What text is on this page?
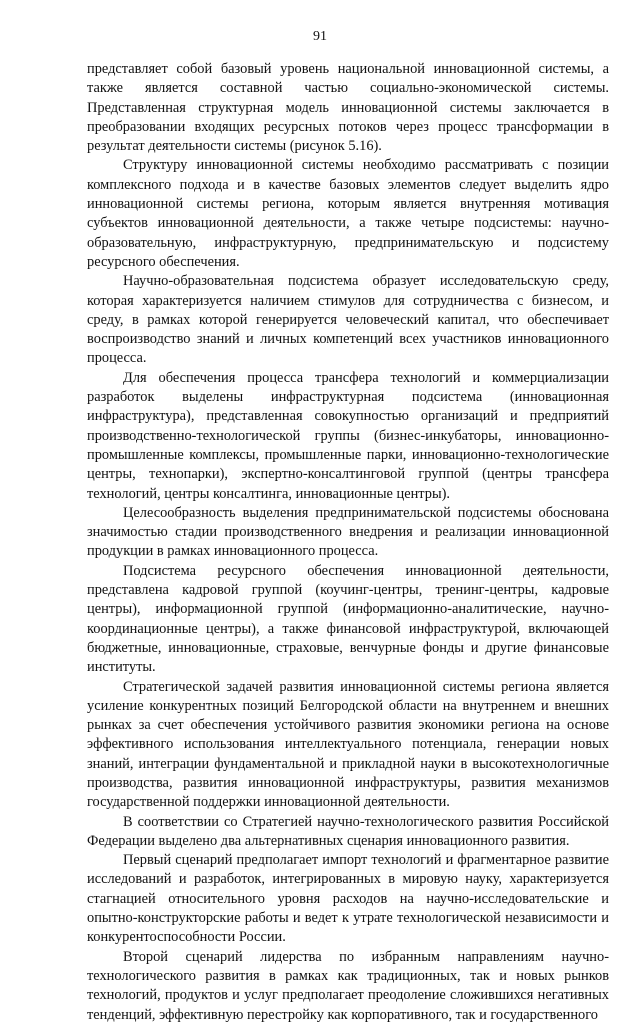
91

представляет собой базовый уровень национальной инновационной системы, а также является составной частью социально-экономической системы. Представленная структурная модель инновационной системы заключается в преобразовании входящих ресурсных потоков через процесс трансформации в результат деятельности системы (рисунок 5.16).

Структуру инновационной системы необходимо рассматривать с позиции комплексного подхода и в качестве базовых элементов следует выделить ядро инновационной системы региона, которым является внутренняя мотивация субъектов инновационной деятельности, а также четыре подсистемы: научно-образовательную, инфраструктурную, предпринимательскую и подсистему ресурсного обеспечения.

Научно-образовательная подсистема образует исследовательскую среду, которая характеризуется наличием стимулов для сотрудничества с бизнесом, и среду, в рамках которой генерируется человеческий капитал, что обеспечивает воспроизводство знаний и личных компетенций всех участников инновационного процесса.

Для обеспечения процесса трансфера технологий и коммерциализации разработок выделены инфраструктурная подсистема (инновационная инфраструктура), представленная совокупностью организаций и предприятий производственно-технологической группы (бизнес-инкубаторы, инновационно-промышленные комплексы, промышленные парки, инновационно-технологические центры, технопарки), экспертно-консалтинговой группой (центры трансфера технологий, центры консалтинга, инновационные центры).

Целесообразность выделения предпринимательской подсистемы обоснована значимостью стадии производственного внедрения и реализации инновационной продукции в рамках инновационного процесса.

Подсистема ресурсного обеспечения инновационной деятельности, представлена кадровой группой (коучинг-центры, тренинг-центры, кадровые центры), информационной группой (информационно-аналитические, научно-координационные центры), а также финансовой инфраструктурой, включающей бюджетные, инновационные, страховые, венчурные фонды и другие финансовые институты.

Стратегической задачей развития инновационной системы региона является усиление конкурентных позиций Белгородской области на внутреннем и внешних рынках за счет обеспечения устойчивого развития экономики региона на основе эффективного использования интеллектуального потенциала, генерации новых знаний, интеграции фундаментальной и прикладной науки в высокотехнологичные производства, развития инновационной инфраструктуры, развития механизмов государственной поддержки инновационной деятельности.

В соответствии со Стратегией научно-технологического развития Российской Федерации выделено два альтернативных сценария инновационного развития.

Первый сценарий предполагает импорт технологий и фрагментарное развитие исследований и разработок, интегрированных в мировую науку, характеризуется стагнацией относительного уровня расходов на научно-исследовательские и опытно-конструкторские работы и ведет к утрате технологической независимости и конкурентоспособности России.

Второй сценарий лидерства по избранным направлениям научно-технологического развития в рамках как традиционных, так и новых рынков технологий, продуктов и услуг предполагает преодоление сложившихся негативных тенденций, эффективную перестройку как корпоративного, так и государственного
